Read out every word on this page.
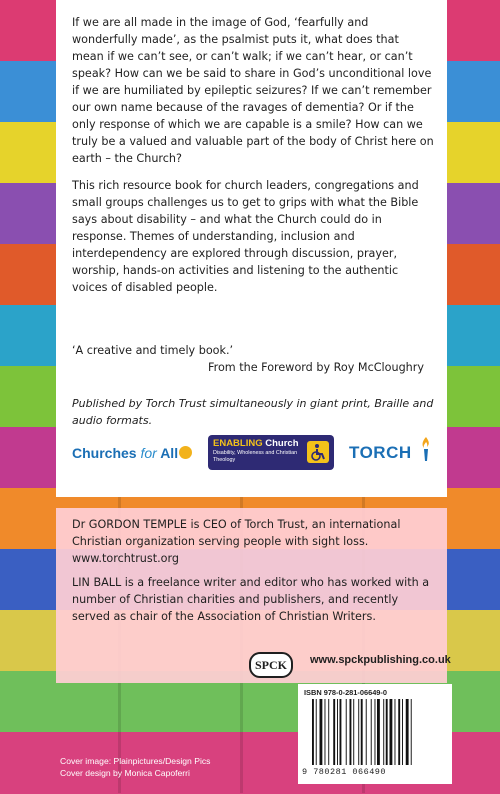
If we are all made in the image of God, ‘fearfully and wonderfully made’, as the psalmist puts it, what does that mean if we can’t see, or can’t walk; if we can’t hear, or can’t speak? How can we be said to share in God’s unconditional love if we are humiliated by epileptic seizures? If we can’t remember our own name because of the ravages of dementia? Or if the only response of which we are capable is a smile? How can we truly be a valued and valuable part of the body of Christ here on earth – the Church?

This rich resource book for church leaders, congregations and small groups challenges us to get to grips with what the Bible says about disability – and what the Church could do in response. Themes of understanding, inclusion and interdependency are explored through discussion, prayer, worship, hands-on activities and listening to the authentic voices of disabled people.

‘A creative and timely book.’
From the Foreword by Roy McCloughry
Published by Torch Trust simultaneously in giant print, Braille and audio formats.
Churches for All
ENABLING Church
Disability, Wholeness and Christian Theology	TORCH

Dr GORDON TEMPLE is CEO of Torch Trust, an international Christian organization serving people with sight loss. www.torchtrust.org

LIN BALL is a freelance writer and editor who has worked with a number of Christian charities and publishers, and recently served as chair of the Association of Christian Writers.

SPCK	www.spckpublishing.co.uk
ISBN 978-0-281-06649-0
9 780281 066490
Cover image: Plainpictures/Design Pics
Cover design by Monica Capoferri
